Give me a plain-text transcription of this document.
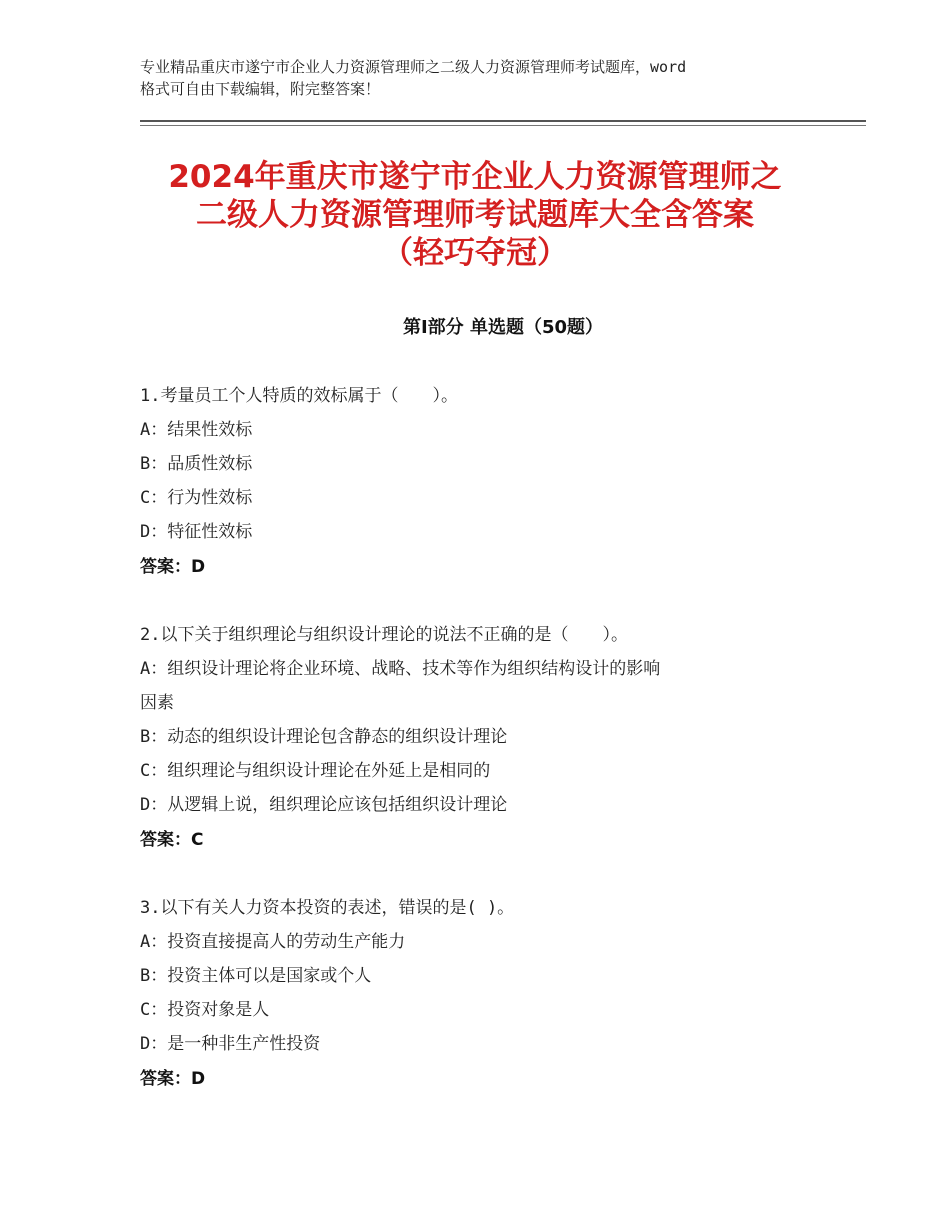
专业精品重庆市遂宁市企业人力资源管理师之二级人力资源管理师考试题库，word
格式可自由下载编辑，附完整答案！
2024年重庆市遂宁市企业人力资源管理师之
二级人力资源管理师考试题库大全含答案
（轻巧夺冠）
第Ⅰ部分 单选题（50题）
1.考量员工个人特质的效标属于（　　）。
A：结果性效标
B：品质性效标
C：行为性效标
D：特征性效标
答案：D
2.以下关于组织理论与组织设计理论的说法不正确的是（　　）。
A：组织设计理论将企业环境、战略、技术等作为组织结构设计的影响
因素
B：动态的组织设计理论包含静态的组织设计理论
C：组织理论与组织设计理论在外延上是相同的
D：从逻辑上说，组织理论应该包括组织设计理论
答案：C
3.以下有关人力资本投资的表述，错误的是( )。
A：投资直接提高人的劳动生产能力
B：投资主体可以是国家或个人
C：投资对象是人
D：是一种非生产性投资
答案：D
